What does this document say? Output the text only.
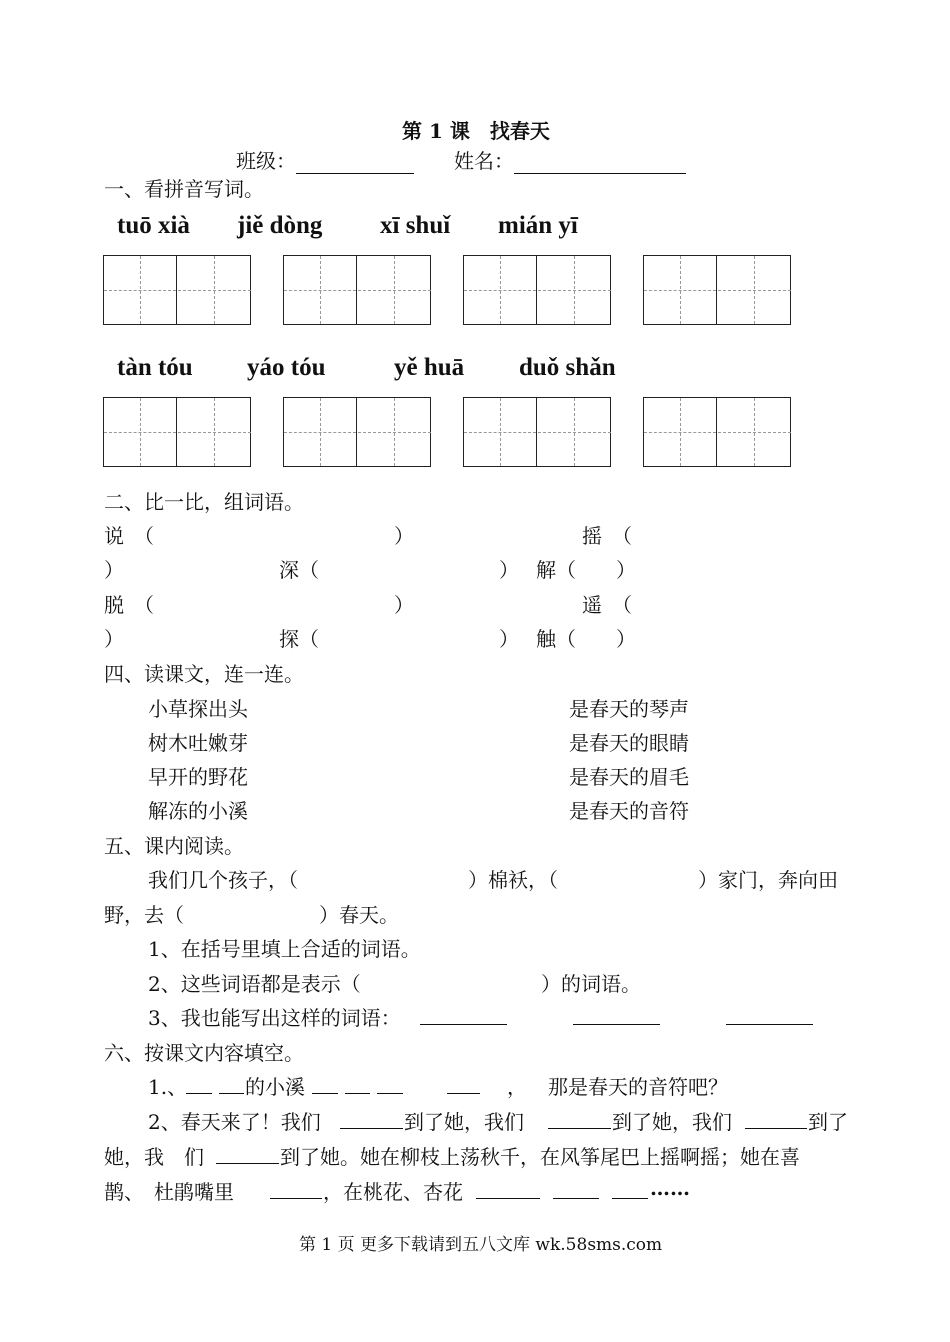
第 1 课　找春天
班级：	姓名：
一、看拼音写词。
tuō xià jiě dòng xī shuǐ mián yī
tàn tóu yáo tóu	yě huā duǒ shǎn
二、比一比，组词语。
说　（	）	摇　（
）	深（	） 解（　　）
脱　（	）	遥　（
）	探（	） 触（　　）
四、读课文，连一连。
小草探出头	是春天的琴声
树木吐嫩芽	是春天的眼睛
早开的野花	是春天的眉毛
解冻的小溪	是春天的音符
五、课内阅读。
我们几个孩子，（	）棉袄，（	）家门，奔向田
野，去（	）春天。
1、在括号里填上合适的词语。
2、这些词语都是表示（	）的词语。
3、我也能写出这样的词语：
六、按课文内容填空。
1.、	的小溪	， 那是春天的音符吧？
2、春天来了！我们	到了她，我们	到了她，我们	到了
她，我　们	到了她。她在柳枝上荡秋千，在风筝尾巴上摇啊摇；她在喜
鹊、　杜鹃嘴里	，在桃花、杏花	……
第 1 页 更多下载请到五八文库 wk.58sms.com
